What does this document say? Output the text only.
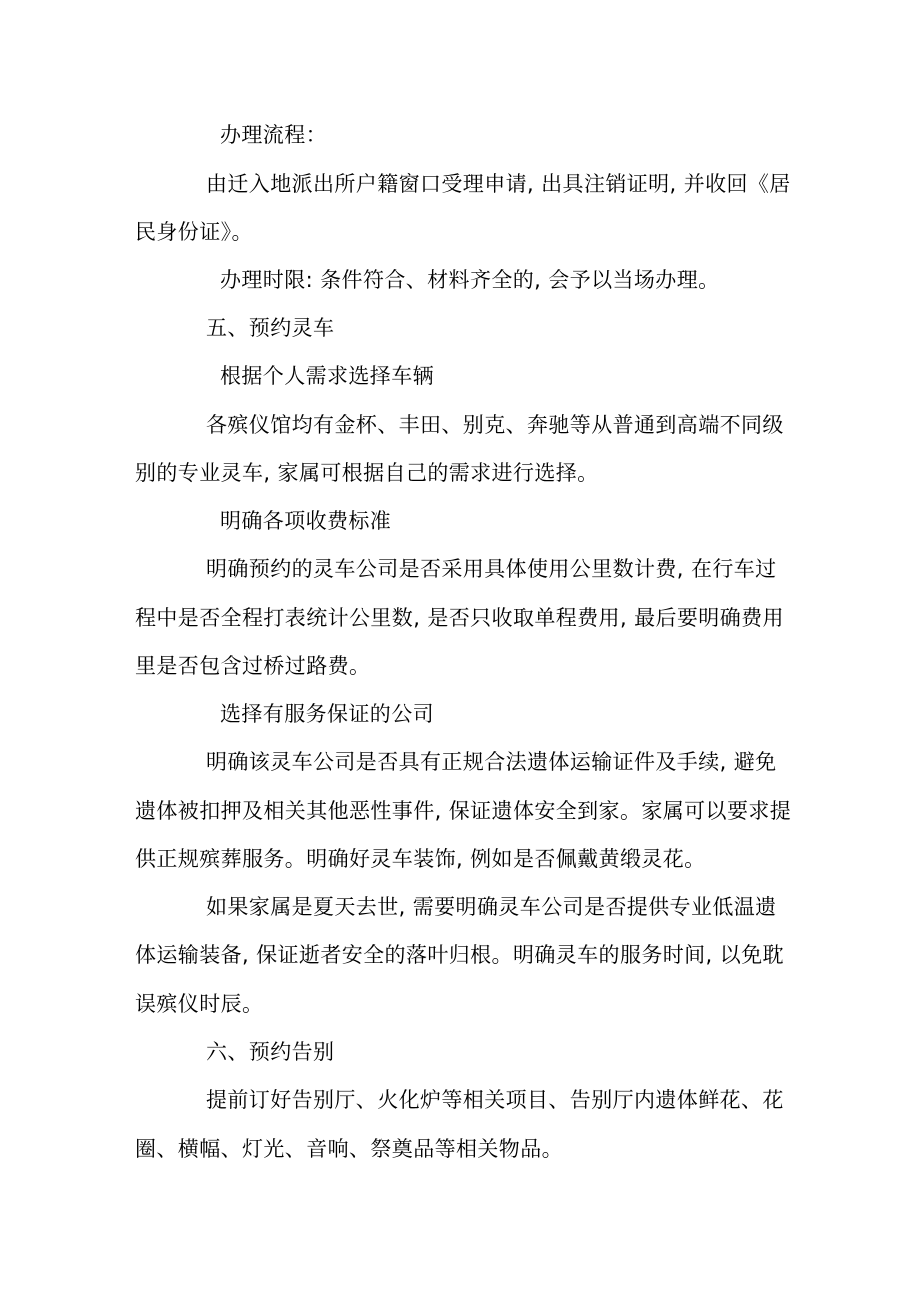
办理流程：
由迁入地派出所户籍窗口受理申请, 出具注销证明, 并收回《居
民身份证》。
办理时限: 条件符合、材料齐全的, 会予以当场办理。
五、预约灵车
根据个人需求选择车辆
各殡仪馆均有金杯、丰田、别克、奔驰等从普通到高端不同级
别的专业灵车, 家属可根据自己的需求进行选择。
明确各项收费标准
明确预约的灵车公司是否采用具体使用公里数计费, 在行车过
程中是否全程打表统计公里数, 是否只收取单程费用, 最后要明确费用
里是否包含过桥过路费。
选择有服务保证的公司
明确该灵车公司是否具有正规合法遗体运输证件及手续, 避免
遗体被扣押及相关其他恶性事件, 保证遗体安全到家。家属可以要求提
供正规殡葬服务。明确好灵车装饰, 例如是否佩戴黄缎灵花。
如果家属是夏天去世, 需要明确灵车公司是否提供专业低温遗
体运输装备, 保证逝者安全的落叶归根。明确灵车的服务时间, 以免耽
误殡仪时辰。
六、预约告别
提前订好告别厅、火化炉等相关项目、告别厅内遗体鲜花、花
圈、横幅、灯光、音响、祭奠品等相关物品。
